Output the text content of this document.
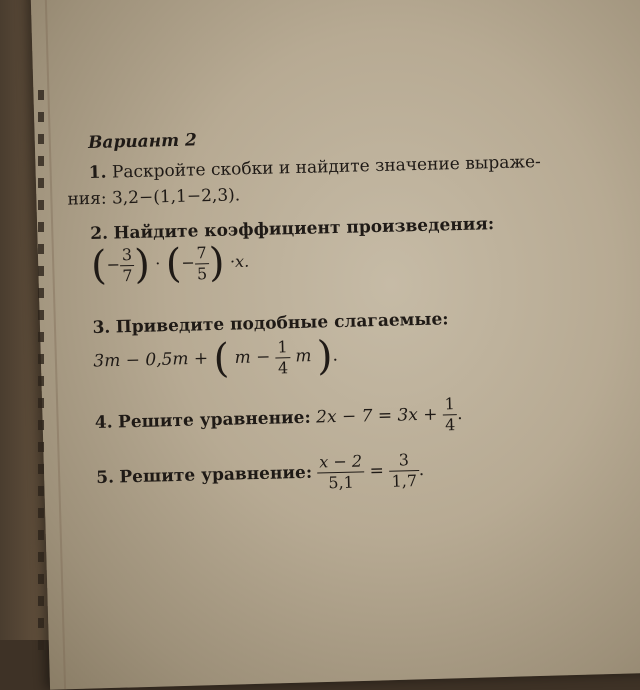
Вариант 2
1. Раскройте скобки и найдите значение выраже-
ния: 3,2−(1,1−2,3).
2. Найдите коэффициент произведения:
(− $\frac{3}{7}$
) · (− $\frac{7}{5}$
) ·x.
3. Приведите подобные слагаемые:
3m − 0,5m + ( $m - \frac{1}{4}$ m ).
4. Решите уравнение: $2x - 7 = 3x + \frac{1}{4}$ .
5. Решите уравнение: $\frac{x - 2}{5,1} = \frac{3}{1,7}$ .
